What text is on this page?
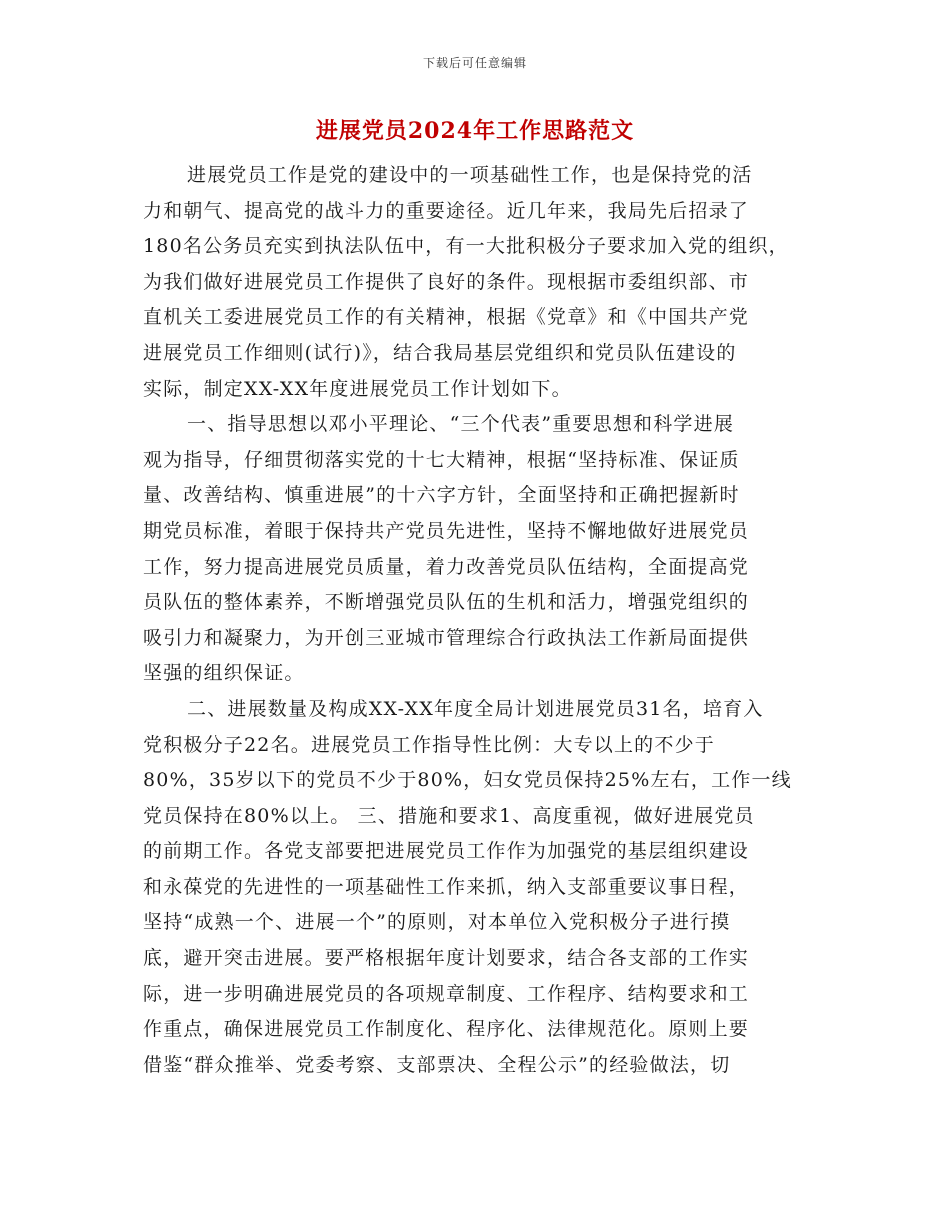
下载后可任意编辑
进展党员2024年工作思路范文
进展党员工作是党的建设中的一项基础性工作，也是保持党的活
力和朝气、提高党的战斗力的重要途径。近几年来，我局先后招录了
180名公务员充实到执法队伍中，有一大批积极分子要求加入党的组织，
为我们做好进展党员工作提供了良好的条件。现根据市委组织部、市
直机关工委进展党员工作的有关精神，根据《党章》和《中国共产党
进展党员工作细则(试行)》，结合我局基层党组织和党员队伍建设的
实际，制定XX-XX年度进展党员工作计划如下。
一、指导思想以邓小平理论、“三个代表”重要思想和科学进展
观为指导，仔细贯彻落实党的十七大精神，根据“坚持标准、保证质
量、改善结构、慎重进展”的十六字方针，全面坚持和正确把握新时
期党员标准，着眼于保持共产党员先进性，坚持不懈地做好进展党员
工作，努力提高进展党员质量，着力改善党员队伍结构，全面提高党
员队伍的整体素养，不断增强党员队伍的生机和活力，增强党组织的
吸引力和凝聚力，为开创三亚城市管理综合行政执法工作新局面提供
坚强的组织保证。
二、进展数量及构成XX-XX年度全局计划进展党员31名，培育入
党积极分子22名。进展党员工作指导性比例：大专以上的不少于
80%，35岁以下的党员不少于80%，妇女党员保持25%左右，工作一线
党员保持在80%以上。 三、措施和要求1、高度重视，做好进展党员
的前期工作。各党支部要把进展党员工作作为加强党的基层组织建设
和永葆党的先进性的一项基础性工作来抓，纳入支部重要议事日程，
坚持“成熟一个、进展一个”的原则，对本单位入党积极分子进行摸
底，避开突击进展。要严格根据年度计划要求，结合各支部的工作实
际，进一步明确进展党员的各项规章制度、工作程序、结构要求和工
作重点，确保进展党员工作制度化、程序化、法律规范化。原则上要
借鉴“群众推举、党委考察、支部票决、全程公示”的经验做法，切
